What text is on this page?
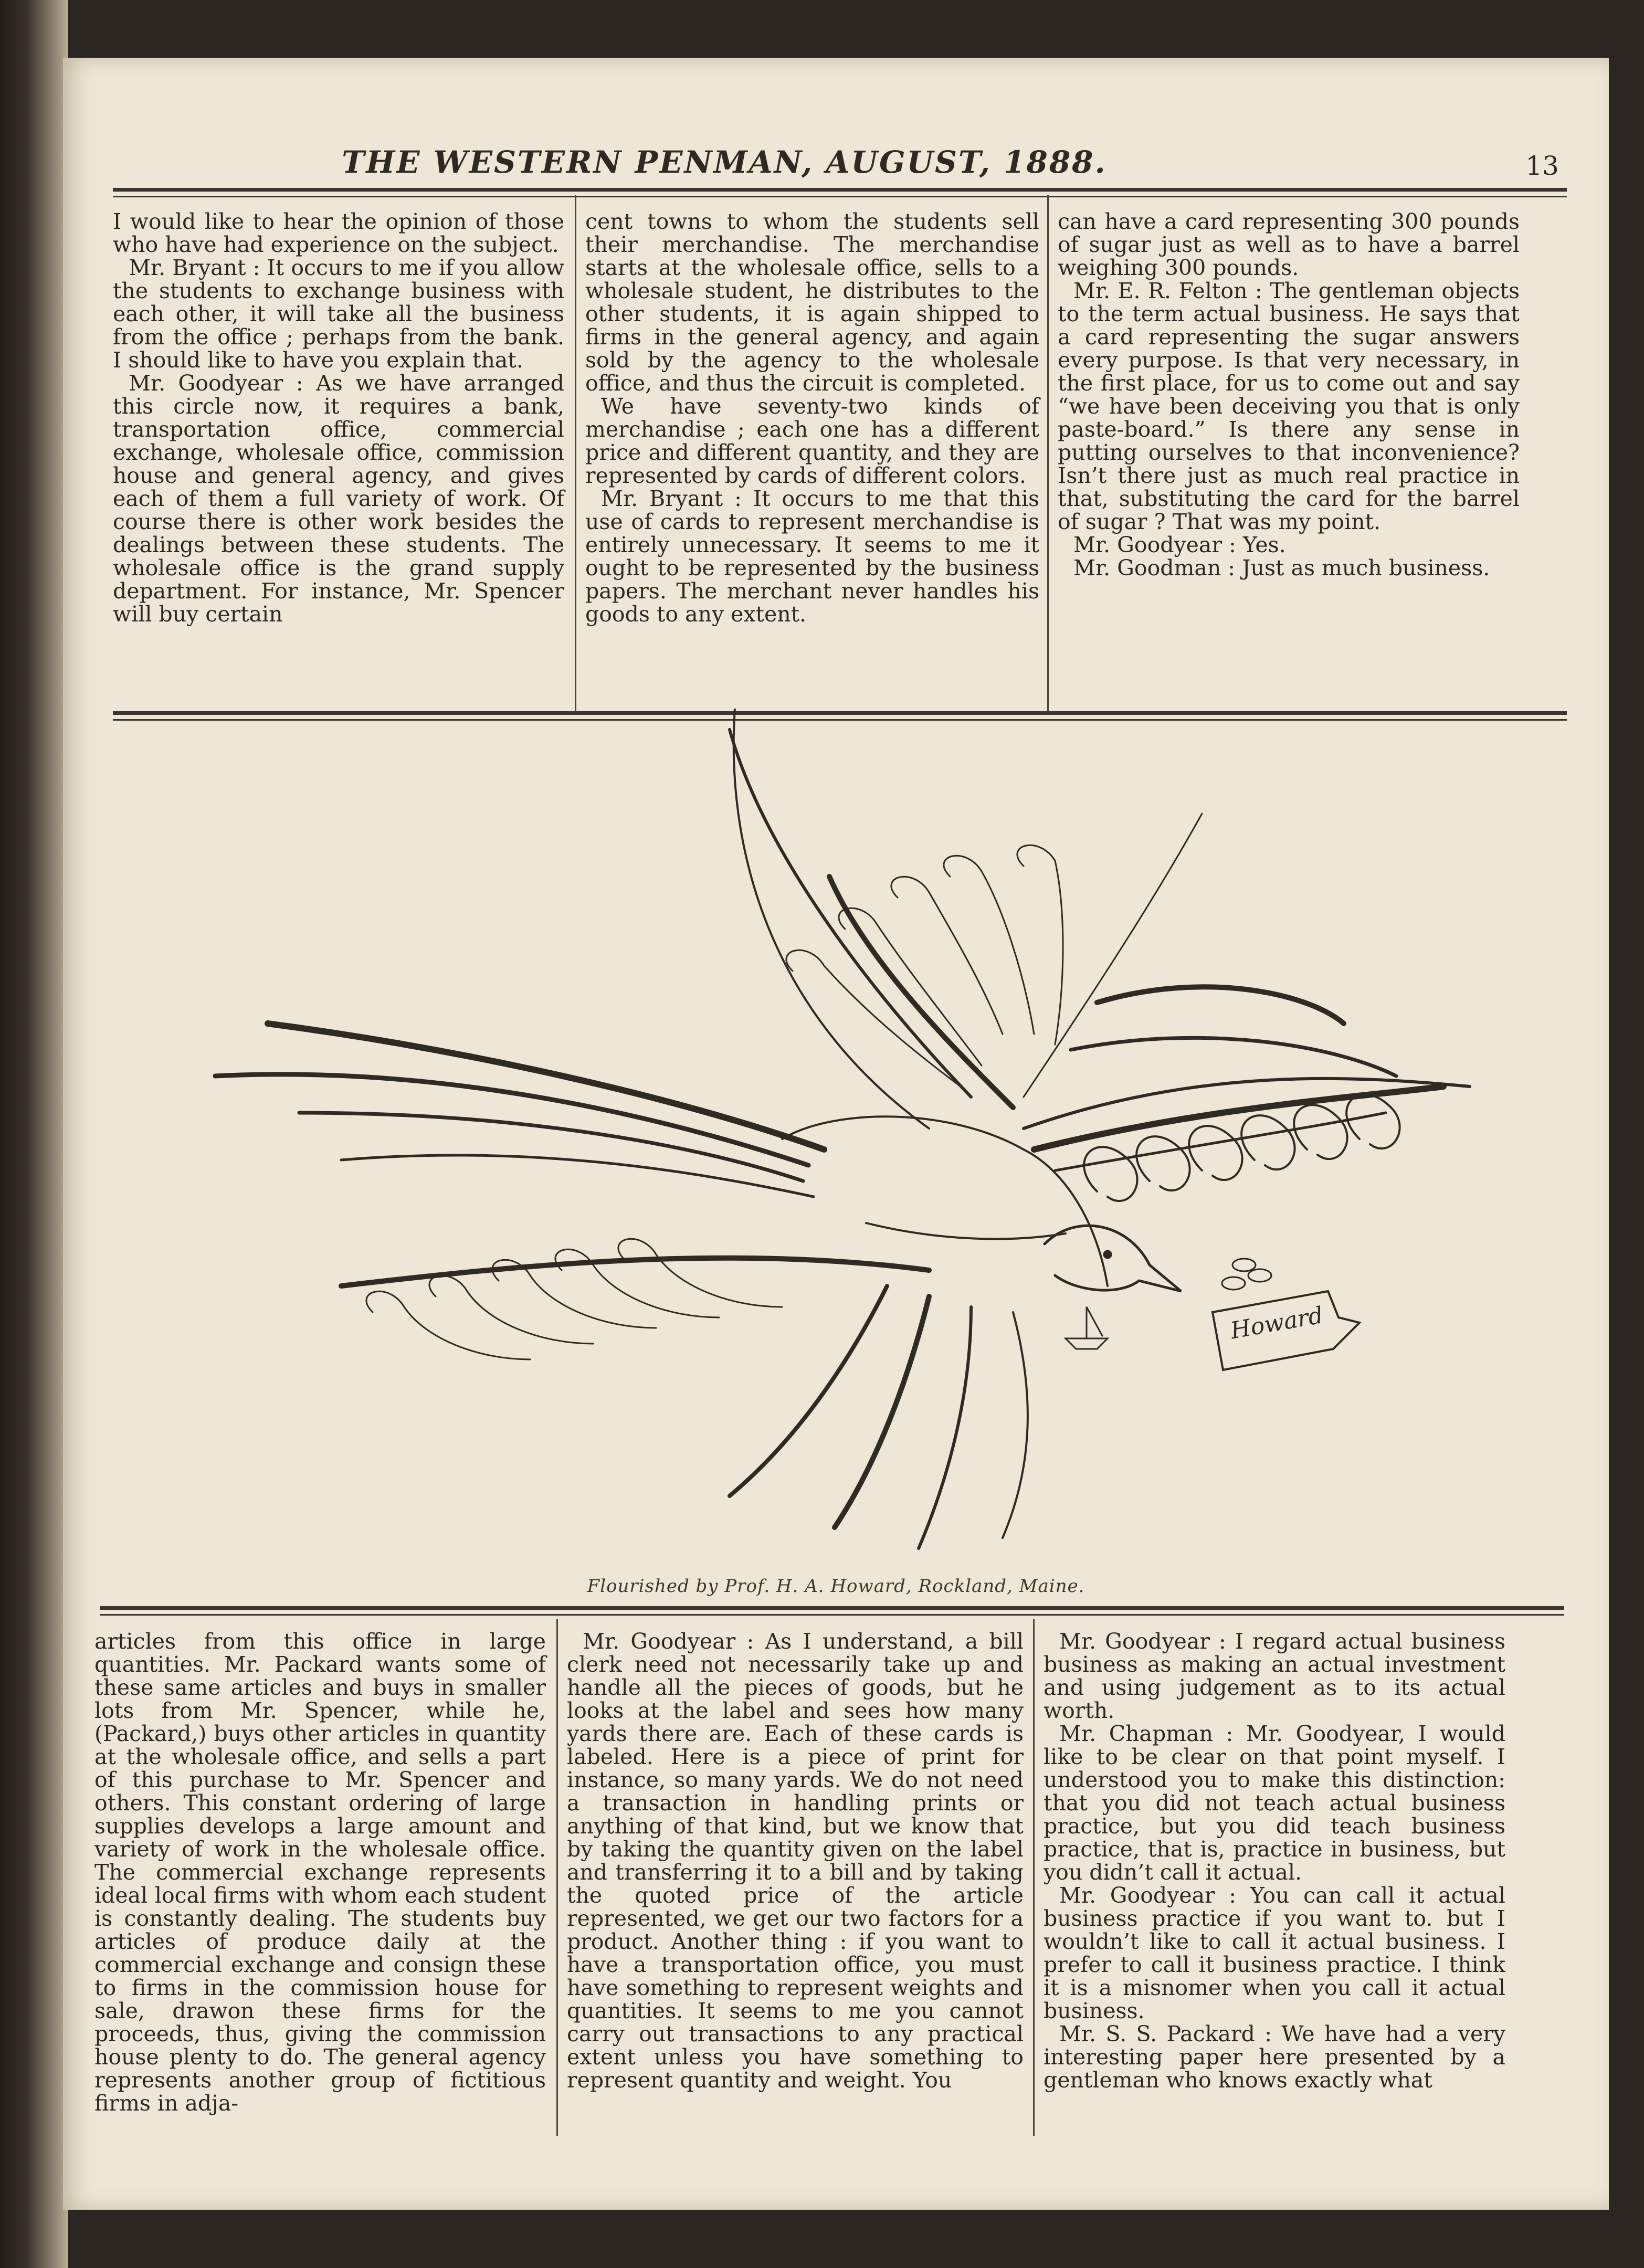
THE WESTERN PENMAN, AUGUST, 1888.	13

I would like to hear the opinion of those who have had experience on the subject.

Mr. Bryant : It occurs to me if you allow the students to exchange business with each other, it will take all the business from the office ; perhaps from the bank. I should like to have you explain that.

Mr. Goodyear : As we have arranged this circle now, it requires a bank, transportation office, commercial exchange, wholesale office, commission house and general agency, and gives each of them a full variety of work. Of course there is other work besides the dealings between these students. The wholesale office is the grand supply department. For instance, Mr. Spencer will buy certain

cent towns to whom the students sell their merchandise. The merchandise starts at the wholesale office, sells to a wholesale student, he distributes to the other students, it is again shipped to firms in the general agency, and again sold by the agency to the wholesale office, and thus the circuit is completed.

We have seventy-two kinds of merchandise ; each one has a different price and different quantity, and they are represented by cards of different colors.

Mr. Bryant : It occurs to me that this use of cards to represent merchandise is entirely unnecessary. It seems to me it ought to be represented by the business papers. The merchant never handles his goods to any extent.

can have a card representing 300 pounds of sugar just as well as to have a barrel weighing 300 pounds.

Mr. E. R. Felton : The gentleman objects to the term actual business. He says that a card representing the sugar answers every purpose. Is that very necessary, in the first place, for us to come out and say “we have been deceiving you that is only paste-board.” Is there any sense in putting ourselves to that inconvenience? Isn’t there just as much real practice in that, substituting the card for the barrel of sugar ? That was my point.

Mr. Goodyear : Yes.

Mr. Goodman : Just as much business.

Howard
Flourished by Prof. H. A. Howard, Rockland, Maine.

articles from this office in large quantities. Mr. Packard wants some of these same articles and buys in smaller lots from Mr. Spencer, while he, (Packard,) buys other articles in quantity at the wholesale office, and sells a part of this purchase to Mr. Spencer and others. This constant ordering of large supplies develops a large amount and variety of work in the wholesale office. The commercial exchange represents ideal local firms with whom each student is constantly dealing. The students buy articles of produce daily at the commercial exchange and consign these to firms in the commission house for sale, drawon these firms for the proceeds, thus, giving the commission house plenty to do. The general agency represents another group of fictitious firms in adja-

Mr. Goodyear : As I understand, a bill clerk need not necessarily take up and handle all the pieces of goods, but he looks at the label and sees how many yards there are. Each of these cards is labeled. Here is a piece of print for instance, so many yards. We do not need a transaction in handling prints or anything of that kind, but we know that by taking the quantity given on the label and transferring it to a bill and by taking the quoted price of the article represented, we get our two factors for a product. Another thing : if you want to have a transportation office, you must have something to represent weights and quantities. It seems to me you cannot carry out transactions to any practical extent unless you have something to represent quantity and weight. You

Mr. Goodyear : I regard actual business business as making an actual investment and using judgement as to its actual worth.

Mr. Chapman : Mr. Goodyear, I would like to be clear on that point myself. I understood you to make this distinction: that you did not teach actual business practice, but you did teach business practice, that is, practice in business, but you didn’t call it actual.

Mr. Goodyear : You can call it actual business practice if you want to. but I wouldn’t like to call it actual business. I prefer to call it business practice. I think it is a misnomer when you call it actual business.

Mr. S. S. Packard : We have had a very interesting paper here presented by a gentleman who knows exactly what
